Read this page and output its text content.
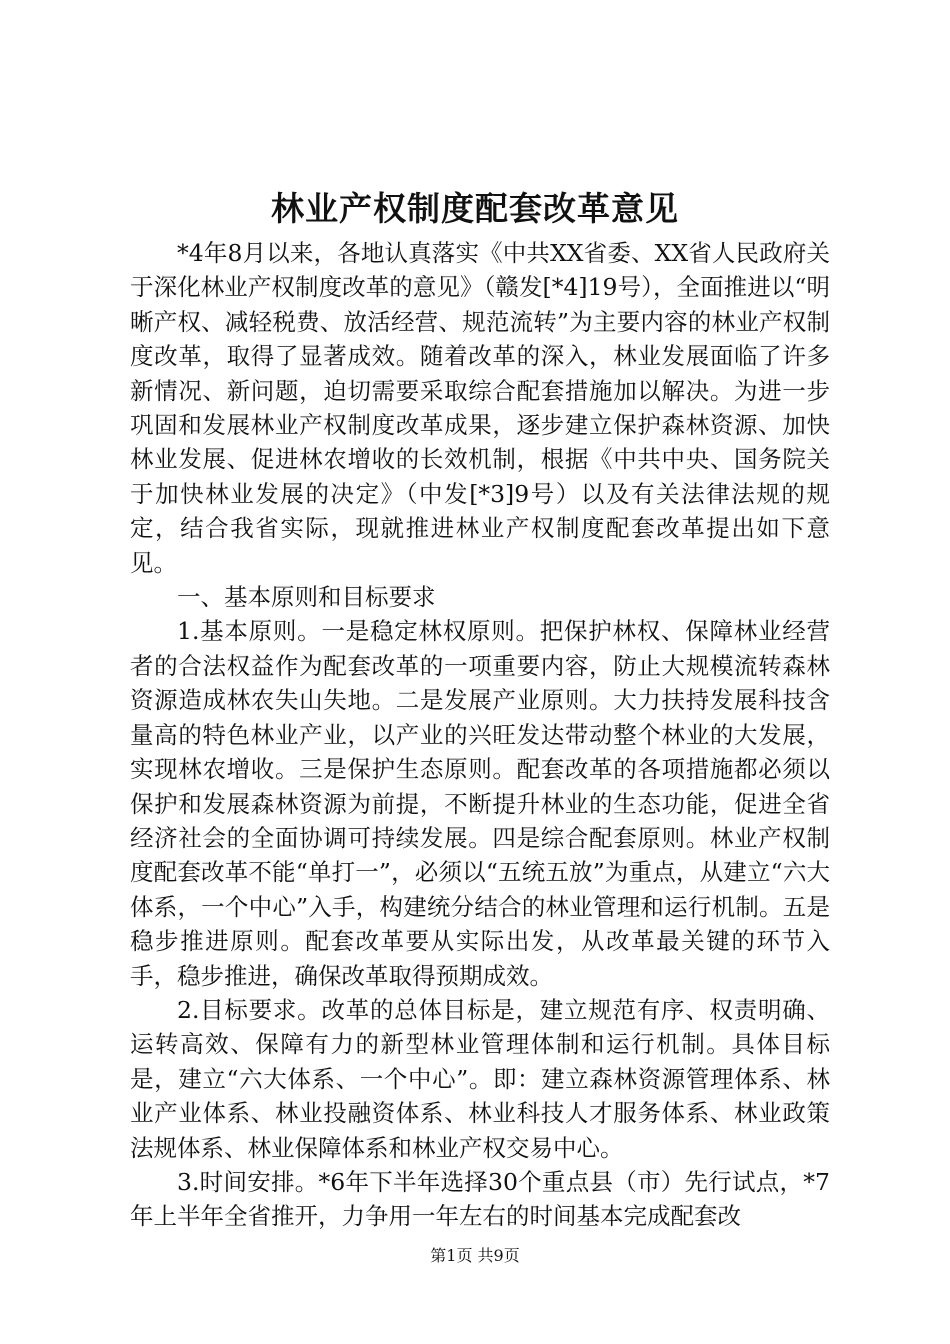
林业产权制度配套改革意见

*4年8月以来，各地认真落实《中共XX省委、XX省人民政府关于深化林业产权制度改革的意见》（赣发[*4]19号），全面推进以“明晰产权、减轻税费、放活经营、规范流转”为主要内容的林业产权制度改革，取得了显著成效。随着改革的深入，林业发展面临了许多新情况、新问题，迫切需要采取综合配套措施加以解决。为进一步巩固和发展林业产权制度改革成果，逐步建立保护森林资源、加快林业发展、促进林农增收的长效机制，根据《中共中央、国务院关于加快林业发展的决定》（中发[*3]9号）以及有关法律法规的规定，结合我省实际，现就推进林业产权制度配套改革提出如下意见。

一、基本原则和目标要求

1.基本原则。一是稳定林权原则。把保护林权、保障林业经营者的合法权益作为配套改革的一项重要内容，防止大规模流转森林资源造成林农失山失地。二是发展产业原则。大力扶持发展科技含量高的特色林业产业，以产业的兴旺发达带动整个林业的大发展，实现林农增收。三是保护生态原则。配套改革的各项措施都必须以保护和发展森林资源为前提，不断提升林业的生态功能，促进全省经济社会的全面协调可持续发展。四是综合配套原则。林业产权制度配套改革不能“单打一”，必须以“五统五放”为重点，从建立“六大体系，一个中心”入手，构建统分结合的林业管理和运行机制。五是稳步推进原则。配套改革要从实际出发，从改革最关键的环节入手，稳步推进，确保改革取得预期成效。

2.目标要求。改革的总体目标是，建立规范有序、权责明确、运转高效、保障有力的新型林业管理体制和运行机制。具体目标是，建立“六大体系、一个中心”。即：建立森林资源管理体系、林业产业体系、林业投融资体系、林业科技人才服务体系、林业政策法规体系、林业保障体系和林业产权交易中心。

3.时间安排。*6年下半年选择30个重点县（市）先行试点，*7年上半年全省推开，力争用一年左右的时间基本完成配套改

第1页 共9页
